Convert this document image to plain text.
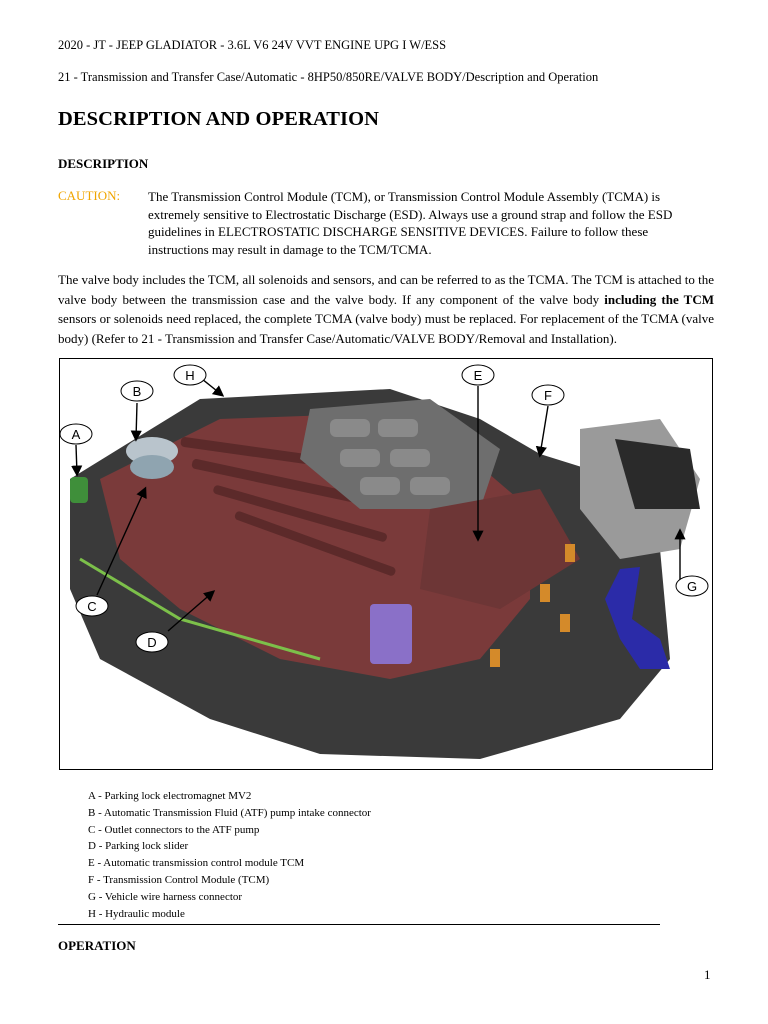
2020 - JT - JEEP GLADIATOR - 3.6L V6 24V VVT ENGINE UPG I W/ESS
21 - Transmission and Transfer Case/Automatic - 8HP50/850RE/VALVE BODY/Description and Operation
DESCRIPTION AND OPERATION
DESCRIPTION
CAUTION: The Transmission Control Module (TCM), or Transmission Control Module Assembly (TCMA) is
extremely sensitive to Electrostatic Discharge (ESD). Always use a ground strap and follow the ESD
guidelines in ELECTROSTATIC DISCHARGE SENSITIVE DEVICES. Failure to follow these
instructions may result in damage to the TCM/TCMA.
The valve body includes the TCM, all solenoids and sensors, and can be referred to as the TCMA. The TCM is attached to the valve body between the transmission case and the valve body. If any component of the valve body including the TCM sensors or solenoids need replaced, the complete TCMA (valve body) must be replaced. For replacement of the TCMA (valve body) (Refer to 21 - Transmission and Transfer Case/Automatic/VALVE BODY/Removal and Installation).
A
B
C
D
E
F
G
H
A - Parking lock electromagnet MV2
B - Automatic Transmission Fluid (ATF) pump intake connector
C - Outlet connectors to the ATF pump
D - Parking lock slider
E - Automatic transmission control module TCM
F - Transmission Control Module (TCM)
G - Vehicle wire harness connector
H - Hydraulic module
OPERATION
1
